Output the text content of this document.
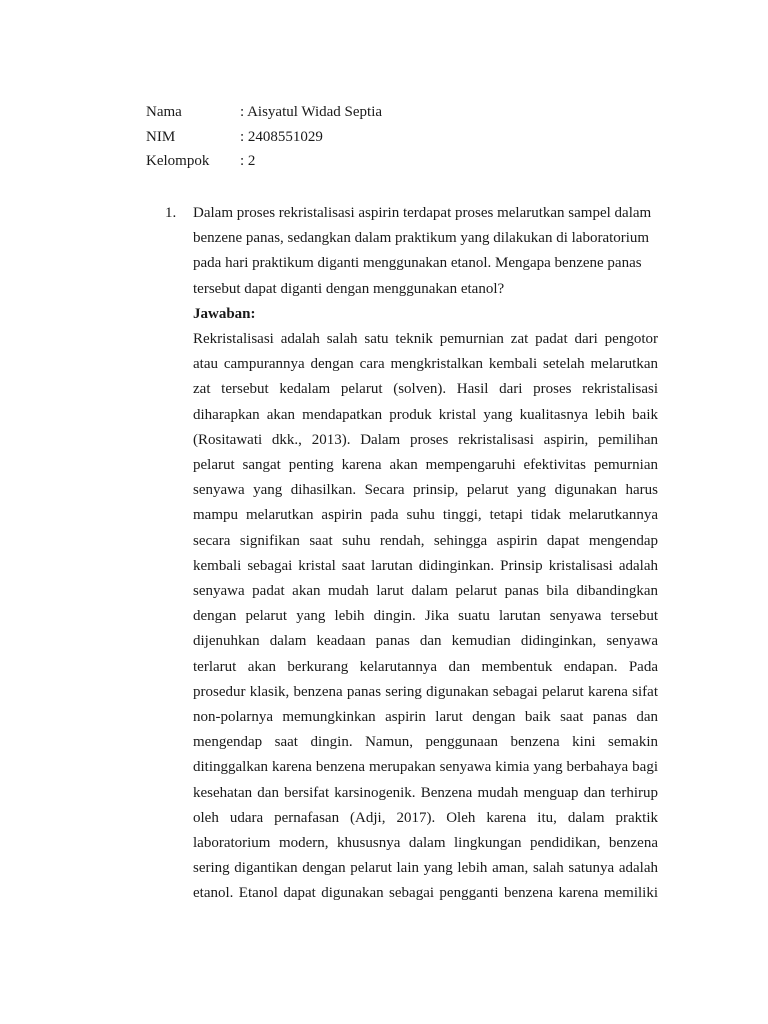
Nama	: Aisyatul Widad Septia
NIM	: 2408551029
Kelompok	: 2
1.	Dalam proses rekristalisasi aspirin terdapat proses melarutkan sampel dalam benzene panas, sedangkan dalam praktikum yang dilakukan di laboratorium pada hari praktikum diganti menggunakan etanol. Mengapa benzene panas tersebut dapat diganti dengan menggunakan etanol?

Jawaban:

Rekristalisasi adalah salah satu teknik pemurnian zat padat dari pengotor atau campurannya dengan cara mengkristalkan kembali setelah melarutkan zat tersebut kedalam pelarut (solven). Hasil dari proses rekristalisasi diharapkan akan mendapatkan produk kristal yang kualitasnya lebih baik (Rositawati dkk., 2013). Dalam proses rekristalisasi aspirin, pemilihan pelarut sangat penting karena akan mempengaruhi efektivitas pemurnian senyawa yang dihasilkan. Secara prinsip, pelarut yang digunakan harus mampu melarutkan aspirin pada suhu tinggi, tetapi tidak melarutkannya secara signifikan saat suhu rendah, sehingga aspirin dapat mengendap kembali sebagai kristal saat larutan didinginkan. Prinsip kristalisasi adalah senyawa padat akan mudah larut dalam pelarut panas bila dibandingkan dengan pelarut yang lebih dingin. Jika suatu larutan senyawa tersebut dijenuhkan dalam keadaan panas dan kemudian didinginkan, senyawa terlarut akan berkurang kelarutannya dan membentuk endapan. Pada prosedur klasik, benzena panas sering digunakan sebagai pelarut karena sifat non-polarnya memungkinkan aspirin larut dengan baik saat panas dan mengendap saat dingin. Namun, penggunaan benzena kini semakin ditinggalkan karena benzena merupakan senyawa kimia yang berbahaya bagi kesehatan dan bersifat karsinogenik. Benzena mudah menguap dan terhirup oleh udara pernafasan (Adji, 2017). Oleh karena itu, dalam praktik laboratorium modern, khususnya dalam lingkungan pendidikan, benzena sering digantikan dengan pelarut lain yang lebih aman, salah satunya adalah etanol. Etanol dapat digunakan sebagai pengganti benzena karena memiliki
